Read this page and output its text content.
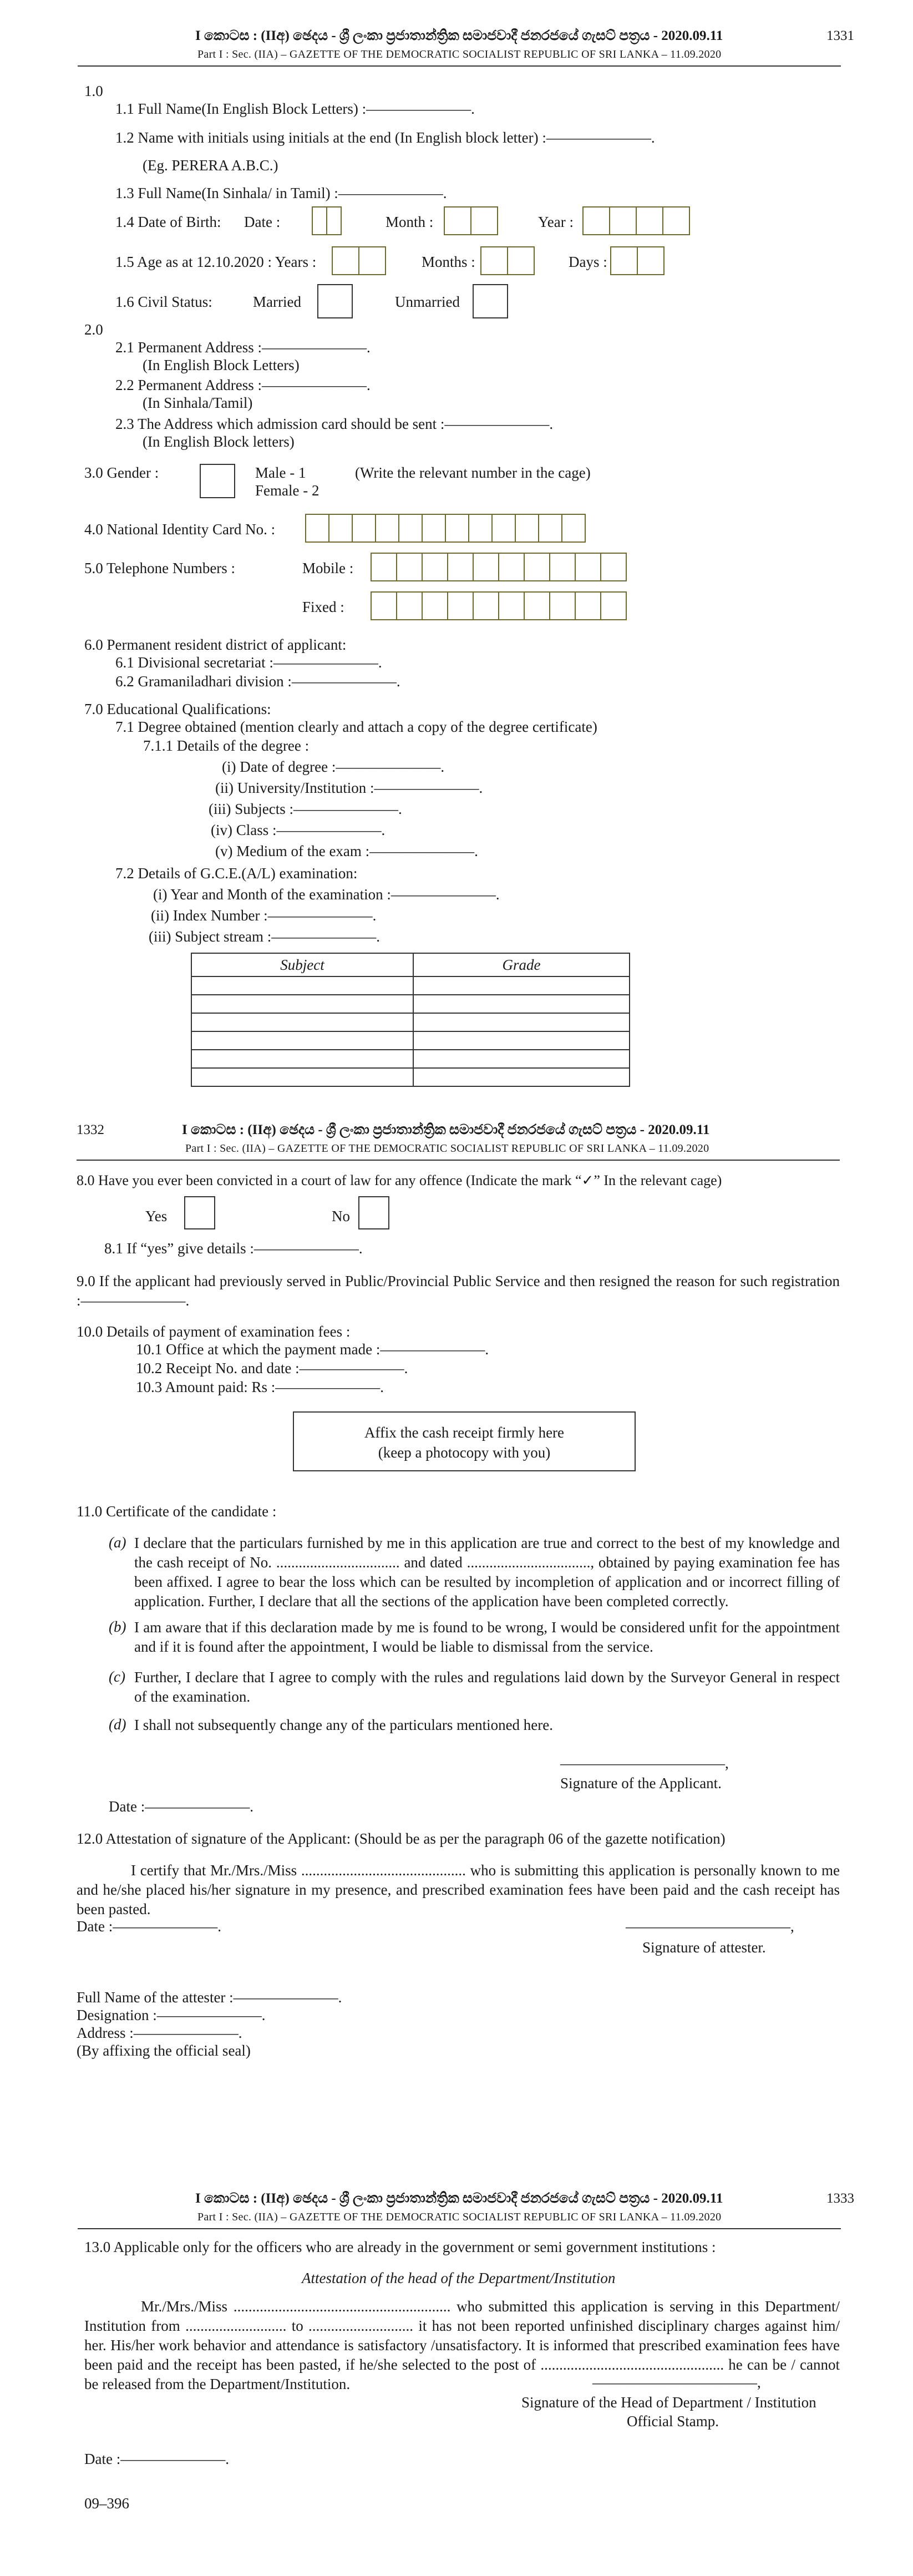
I කොටස : (IIඅ) ඡෙදය - ශ්‍රී ලංකා ප්‍රජාතාන්ත්‍රික සමාජවාදී ජනරජයේ ගැසට් පත්‍රය - 2020.09.11	1331
Part I : Sec. (IIA) – GAZETTE OF THE DEMOCRATIC SOCIALIST REPUBLIC OF SRI LANKA – 11.09.2020
1.0
1.1 Full Name(In English Block Letters) :———————.
1.2 Name with initials using initials at the end (In English block letter) :———————.
(Eg. PERERA A.B.C.)
1.3 Full Name(In Sinhala/ in Tamil) :———————.
1.4 Date of Birth: Date :	Month :	Year :
1.5 Age as at 12.10.2020 : Years :	Months :	Days :
1.6 Civil Status:	Married	Unmarried
2.0
2.1 Permanent Address :———————.
(In English Block Letters)
2.2 Permanent Address :———————.
(In Sinhala/Tamil)
2.3 The Address which admission card should be sent :———————.
(In English Block letters)
3.0 Gender :	Male - 1
Female - 2
(Write the relevant number in the cage)
4.0 National Identity Card No. :
5.0 Telephone Numbers :	Mobile :
Fixed :
6.0 Permanent resident district of applicant:
6.1 Divisional secretariat :———————.
6.2 Gramaniladhari division :———————.
7.0 Educational Qualifications:
7.1 Degree obtained (mention clearly and attach a copy of the degree certificate)
7.1.1 Details of the degree :
(i) Date of degree :———————.
(ii) University/Institution :———————.
(iii) Subjects :———————.
(iv) Class :———————.
(v) Medium of the exam :———————.
7.2 Details of G.C.E.(A/L) examination:
(i) Year and Month of the examination :———————.
(ii) Index Number :———————.
(iii) Subject stream :———————.
Subject	Grade

1332	I කොටස : (IIඅ) ඡෙදය - ශ්‍රී ලංකා ප්‍රජාතාන්ත්‍රික සමාජවාදී ජනරජයේ ගැසට් පත්‍රය - 2020.09.11
Part I : Sec. (IIA) – GAZETTE OF THE DEMOCRATIC SOCIALIST REPUBLIC OF SRI LANKA – 11.09.2020
8.0 Have you ever been convicted in a court of law for any offence (Indicate the mark “✓” In the relevant cage)
Yes	No
8.1 If “yes” give details :———————.
9.0 If the applicant had previously served in Public/Provincial Public Service and then resigned the reason for such registration :———————.
10.0 Details of payment of examination fees :
10.1 Office at which the payment made :———————.
10.2 Receipt No. and date :———————.
10.3 Amount paid: Rs :———————.
Affix the cash receipt firmly here
(keep a photocopy with you)
11.0 Certificate of the candidate :
(a) I declare that the particulars furnished by me in this application are true and correct to the best of my knowledge and the cash receipt of No. ................................. and dated ................................., obtained by paying examination fee has been affixed. I agree to bear the loss which can be resulted by incompletion of application and or incorrect filling of application. Further, I declare that all the sections of the application have been completed correctly.
(b) I am aware that if this declaration made by me is found to be wrong, I would be considered unfit for the appointment and if it is found after the appointment, I would be liable to dismissal from the service.
(c) Further, I declare that I agree to comply with the rules and regulations laid down by the Surveyor General in respect of the examination.
(d) I shall not subsequently change any of the particulars mentioned here.
———————————,
Signature of the Applicant.
Date :———————.
12.0 Attestation of signature of the Applicant: (Should be as per the paragraph 06 of the gazette notification)
I certify that Mr./Mrs./Miss ............................................ who is submitting this application is personally known to me and he/she placed his/her signature in my presence, and prescribed examination fees have been paid and the cash receipt has been pasted.
Date :———————.	———————————,
Signature of attester.
Full Name of the attester :———————.
Designation :———————.
Address :———————.
(By affixing the official seal)
I කොටස : (IIඅ) ඡෙදය - ශ්‍රී ලංකා ප්‍රජාතාන්ත්‍රික සමාජවාදී ජනරජයේ ගැසට් පත්‍රය - 2020.09.11	1333
Part I : Sec. (IIA) – GAZETTE OF THE DEMOCRATIC SOCIALIST REPUBLIC OF SRI LANKA – 11.09.2020
13.0 Applicable only for the officers who are already in the government or semi government institutions :
Attestation of the head of the Department/Institution
Mr./Mrs./Miss .......................................................... who submitted this application is serving in this Department/ Institution from ........................... to ............................ it has not been reported unfinished disciplinary charges against him/ her. His/her work behavior and attendance is satisfactory /unsatisfactory. It is informed that prescribed examination fees have been paid and the receipt has been pasted, if he/she selected to the post of ................................................. he can be / cannot be released from the Department/Institution.	———————————,
Signature of the Head of Department / Institution
Official Stamp.
Date :———————.
09–396
